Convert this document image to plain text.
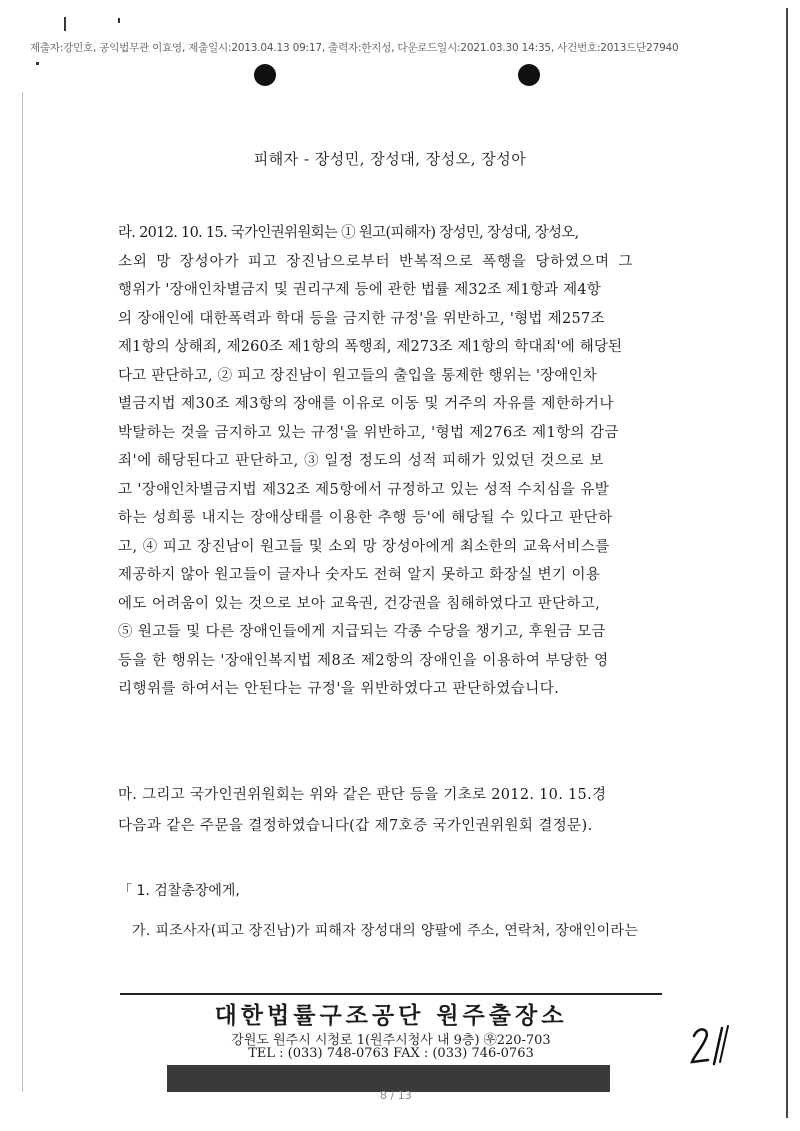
제출자:강민호, 공익법무관 이효영, 제출일시:2013.04.13 09:17, 출력자:한지성, 다운로드일시:2021.03.30 14:35, 사건번호:2013드단27940
피해자 - 장성민, 장성대, 장성오, 장성아

라. 2012. 10. 15. 국가인권위원회는 ① 원고(피해자) 장성민, 장성대, 장성오,

소외 망 장성아가 피고 장진남으로부터 반복적으로 폭행을 당하였으며 그

행위가 '장애인차별금지 및 권리구제 등에 관한 법률 제32조 제1항과 제4항

의 장애인에 대한폭력과 학대 등을 금지한 규정'을 위반하고, '형법 제257조

제1항의 상해죄, 제260조 제1항의 폭행죄, 제273조 제1항의 학대죄'에 해당된

다고 판단하고, ② 피고 장진남이 원고들의 출입을 통제한 행위는 '장애인차

별금지법 제30조 제3항의 장애를 이유로 이동 및 거주의 자유를 제한하거나

박탈하는 것을 금지하고 있는 규정'을 위반하고, '형법 제276조 제1항의 감금

죄'에 해당된다고 판단하고, ③ 일정 정도의 성적 피해가 있었던 것으로 보

고 '장애인차별금지법 제32조 제5항에서 규정하고 있는 성적 수치심을 유발

하는 성희롱 내지는 장애상태를 이용한 추행 등'에 해당될 수 있다고 판단하

고, ④ 피고 장진남이 원고들 및 소외 망 장성아에게 최소한의 교육서비스를

제공하지 않아 원고들이 글자나 숫자도 전혀 알지 못하고 화장실 변기 이용

에도 어려움이 있는 것으로 보아 교육권, 건강권을 침해하였다고 판단하고,

⑤ 원고들 및 다른 장애인들에게 지급되는 각종 수당을 챙기고, 후원금 모금

등을 한 행위는 '장애인복지법 제8조 제2항의 장애인을 이용하여 부당한 영

리행위를 하여서는 안된다는 규정'을 위반하였다고 판단하였습니다.

마. 그리고 국가인권위원회는 위와 같은 판단 등을 기초로 2012. 10. 15.경

다음과 같은 주문을 결정하였습니다(갑 제7호증 국가인권위원회 결정문).

「 1. 검찰총장에게,
가. 피조사자(피고 장진남)가 피해자 장성대의 양팔에 주소, 연락처, 장애인이라는
대한법률구조공단 원주출장소
강원도 원주시 시청로 1(원주시청사 내 9층) ㉾220-703
TEL : (033) 748-0763 FAX : (033) 746-0763
8 / 13
